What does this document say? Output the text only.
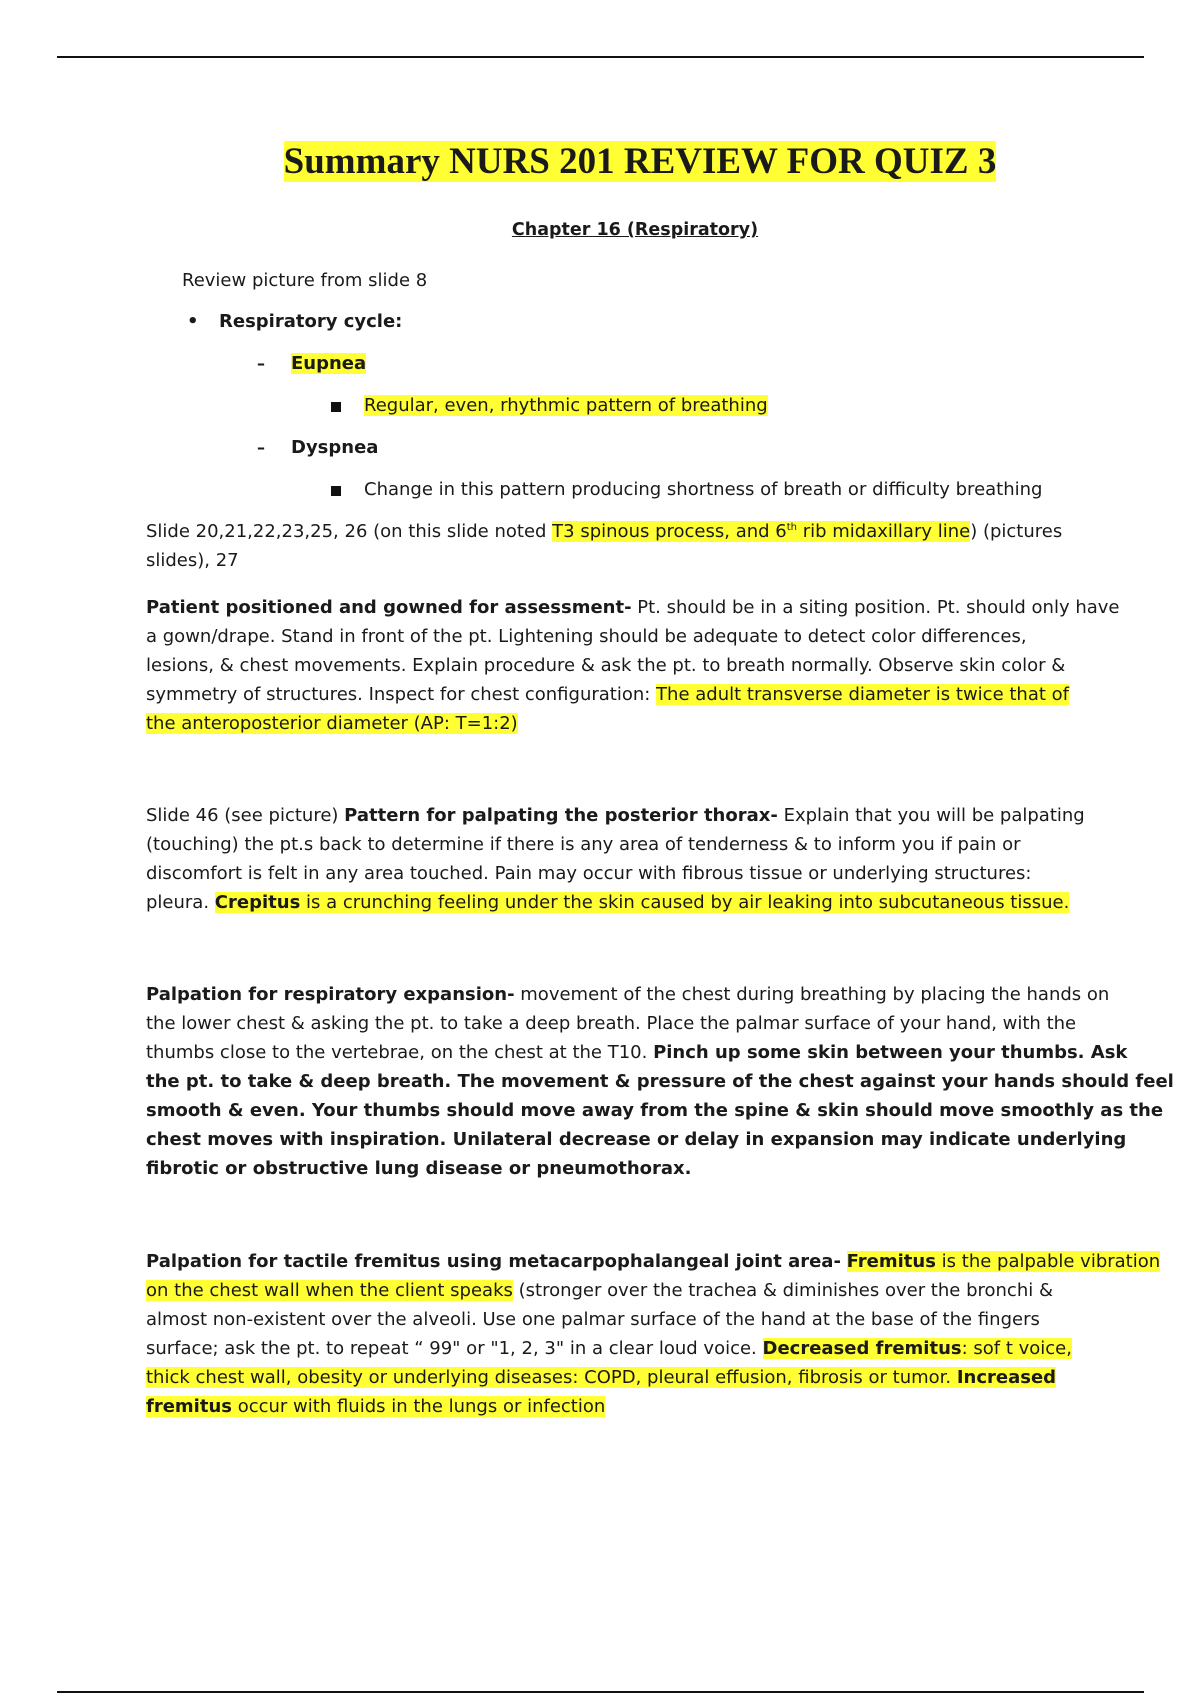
Summary NURS 201 REVIEW FOR QUIZ 3
Chapter 16 (Respiratory)
Review picture from slide 8
• Respiratory cycle:
– Eupnea
Regular, even, rhythmic pattern of breathing
– Dyspnea
Change in this pattern producing shortness of breath or difficulty breathing
Slide 20,21,22,23,25, 26 (on this slide noted T3 spinous process, and 6th rib midaxillary line) (pictures
slides), 27
Patient positioned and gowned for assessment- Pt. should be in a siting position. Pt. should only have
a gown/drape. Stand in front of the pt. Lightening should be adequate to detect color differences,
lesions, & chest movements. Explain procedure & ask the pt. to breath normally. Observe skin color &
symmetry of structures. Inspect for chest configuration: The adult transverse diameter is twice that of
the anteroposterior diameter (AP: T=1:2)
Slide 46 (see picture) Pattern for palpating the posterior thorax- Explain that you will be palpating
(touching) the pt.s back to determine if there is any area of tenderness & to inform you if pain or
discomfort is felt in any area touched. Pain may occur with fibrous tissue or underlying structures:
pleura. Crepitus is a crunching feeling under the skin caused by air leaking into subcutaneous tissue.
Palpation for respiratory expansion- movement of the chest during breathing by placing the hands on
the lower chest & asking the pt. to take a deep breath. Place the palmar surface of your hand, with the
thumbs close to the vertebrae, on the chest at the T10. Pinch up some skin between your thumbs. Ask
the pt. to take & deep breath. The movement & pressure of the chest against your hands should feel
smooth & even. Your thumbs should move away from the spine & skin should move smoothly as the
chest moves with inspiration. Unilateral decrease or delay in expansion may indicate underlying
fibrotic or obstructive lung disease or pneumothorax.
Palpation for tactile fremitus using metacarpophalangeal joint area- Fremitus is the palpable vibration
on the chest wall when the client speaks (stronger over the trachea & diminishes over the bronchi &
almost non-existent over the alveoli. Use one palmar surface of the hand at the base of the fingers
surface; ask the pt. to repeat “ 99" or "1, 2, 3" in a clear loud voice. Decreased fremitus: sof t voice,
thick chest wall, obesity or underlying diseases: COPD, pleural effusion, fibrosis or tumor. Increased
fremitus occur with fluids in the lungs or infection
